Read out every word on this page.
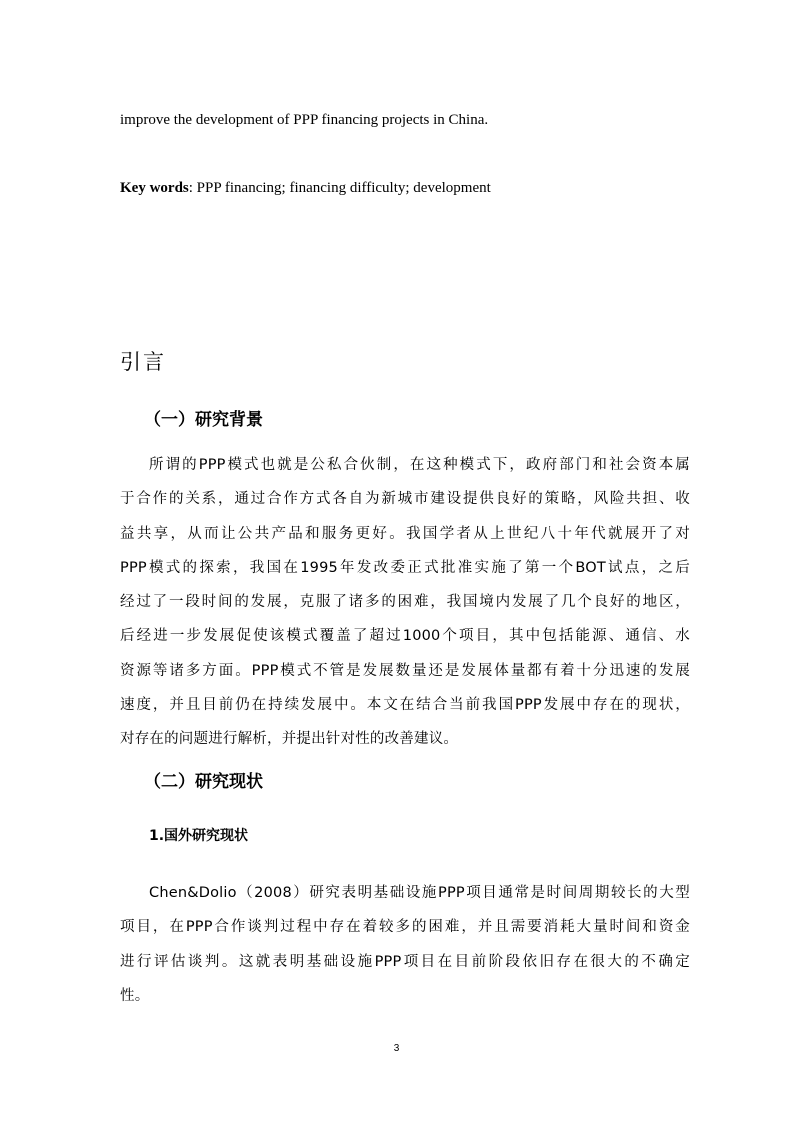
improve the development of PPP financing projects in China.
Key words: PPP financing; financing difficulty; development
引言
（一）研究背景
所谓的PPP模式也就是公私合伙制，在这种模式下，政府部门和社会资本属
于合作的关系，通过合作方式各自为新城市建设提供良好的策略，风险共担、收
益共享，从而让公共产品和服务更好。我国学者从上世纪八十年代就展开了对
PPP模式的探索，我国在1995年发改委正式批准实施了第一个BOT试点，之后
经过了一段时间的发展，克服了诸多的困难，我国境内发展了几个良好的地区，
后经进一步发展促使该模式覆盖了超过1000个项目，其中包括能源、通信、水
资源等诸多方面。PPP模式不管是发展数量还是发展体量都有着十分迅速的发展
速度，并且目前仍在持续发展中。本文在结合当前我国PPP发展中存在的现状，
对存在的问题进行解析，并提出针对性的改善建议。
（二）研究现状
1.国外研究现状
Chen&Dolio（2008）研究表明基础设施PPP项目通常是时间周期较长的大型
项目，在PPP合作谈判过程中存在着较多的困难，并且需要消耗大量时间和资金
进行评估谈判。这就表明基础设施PPP项目在目前阶段依旧存在很大的不确定
性。
3
